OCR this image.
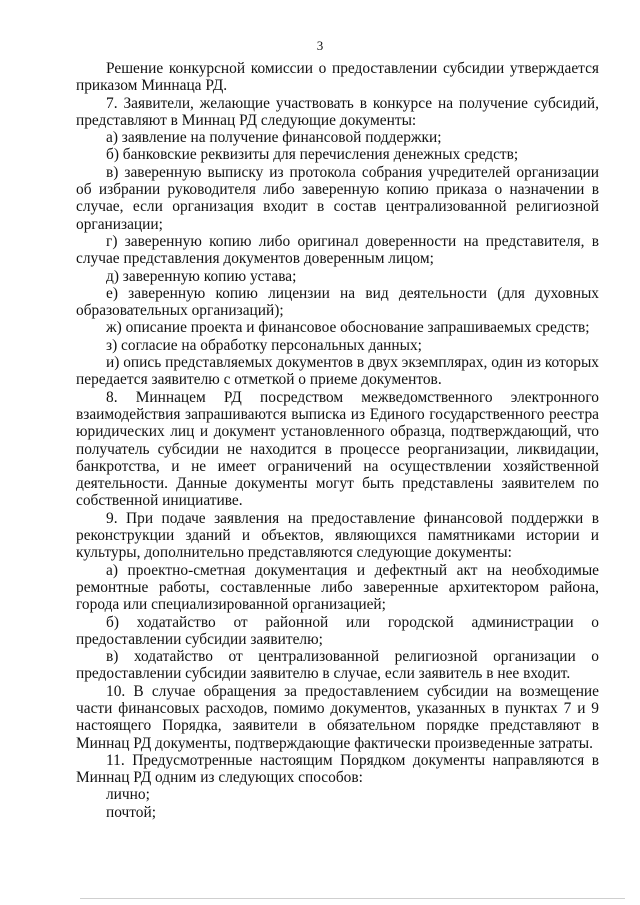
3

Решение конкурсной комиссии о предоставлении субсидии утверждается приказом Миннаца РД.

7. Заявители, желающие участвовать в конкурсе на получение субсидий, представляют в Миннац РД следующие документы:

а) заявление на получение финансовой поддержки;

б) банковские реквизиты для перечисления денежных средств;

в) заверенную выписку из протокола собрания учредителей организации об избрании руководителя либо заверенную копию приказа о назначении в случае, если организация входит в состав централизованной религиозной организации;

г) заверенную копию либо оригинал доверенности на представителя, в случае представления документов доверенным лицом;

д) заверенную копию устава;

е) заверенную копию лицензии на вид деятельности (для духовных образовательных организаций);

ж) описание проекта и финансовое обоснование запрашиваемых средств;

з) согласие на обработку персональных данных;

и) опись представляемых документов в двух экземплярах, один из которых передается заявителю с отметкой о приеме документов.

8. Миннацем РД посредством межведомственного электронного взаимодействия запрашиваются выписка из Единого государственного реестра юридических лиц и документ установленного образца, подтверждающий, что получатель субсидии не находится в процессе реорганизации, ликвидации, банкротства, и не имеет ограничений на осуществлении хозяйственной деятельности. Данные документы могут быть представлены заявителем по собственной инициативе.

9. При подаче заявления на предоставление финансовой поддержки в реконструкции зданий и объектов, являющихся памятниками истории и культуры, дополнительно представляются следующие документы:

а) проектно-сметная документация и дефектный акт на необходимые ремонтные работы, составленные либо заверенные архитектором района, города или специализированной организацией;

б) ходатайство от районной или городской администрации о предоставлении субсидии заявителю;

в) ходатайство от централизованной религиозной организации о предоставлении субсидии заявителю в случае, если заявитель в нее входит.

10. В случае обращения за предоставлением субсидии на возмещение части финансовых расходов, помимо документов, указанных в пунктах 7 и 9 настоящего Порядка, заявители в обязательном порядке представляют в Миннац РД документы, подтверждающие фактически произведенные затраты.

11. Предусмотренные настоящим Порядком документы направляются в Миннац РД одним из следующих способов:

лично;

почтой;
